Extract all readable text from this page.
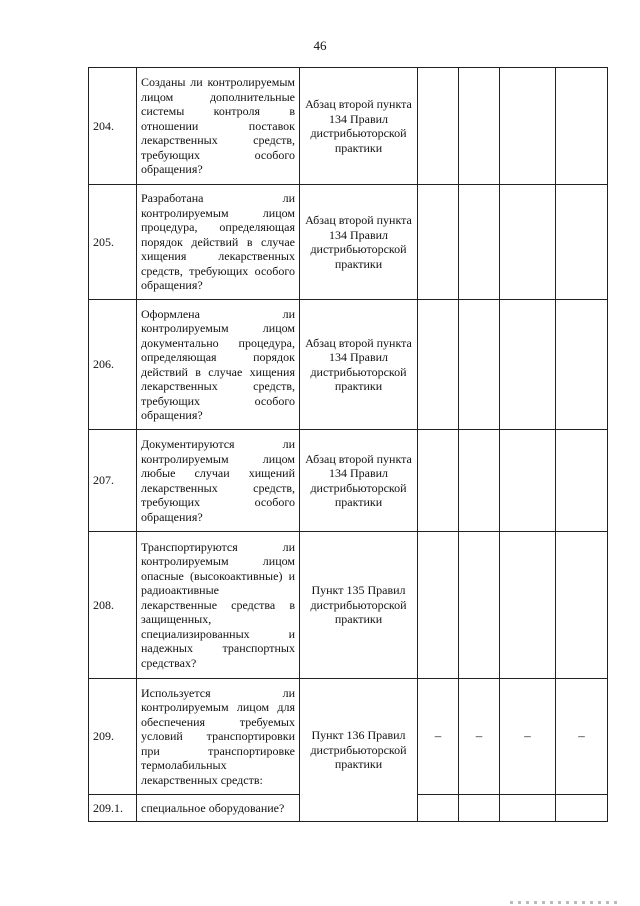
46
204.	Созданы ли контролируемым лицом дополнительные системы контроля в отношении поставок лекарственных средств, требующих особого обращения?	Абзац второй пункта 134 Правил дистрибьюторской практики				
205.	Разработана ли контролируемым лицом процедура, определяющая порядок действий в случае хищения лекарственных средств, требующих особого обращения?	Абзац второй пункта 134 Правил дистрибьюторской практики				
206.	Оформлена ли контролируемым лицом документально процедура, определяющая порядок действий в случае хищения лекарственных средств, требующих особого обращения?	Абзац второй пункта 134 Правил дистрибьюторской практики				
207.	Документируются ли контролируемым лицом любые случаи хищений лекарственных средств, требующих особого обращения?	Абзац второй пункта 134 Правил дистрибьюторской практики				
208.	Транспортируются ли контролируемым лицом опасные (высокоактивные) и радиоактивные лекарственные средства в защищенных, специализированных и надежных транспортных средствах?	Пункт 135 Правил дистрибьюторской практики				
209.	Используется ли контролируемым лицом для обеспечения требуемых условий транспортировки при транспортировке термолабильных лекарственных средств:	Пункт 136 Правил дистрибьюторской практики	–	–	–	–
209.1.	специальное оборудование?					
